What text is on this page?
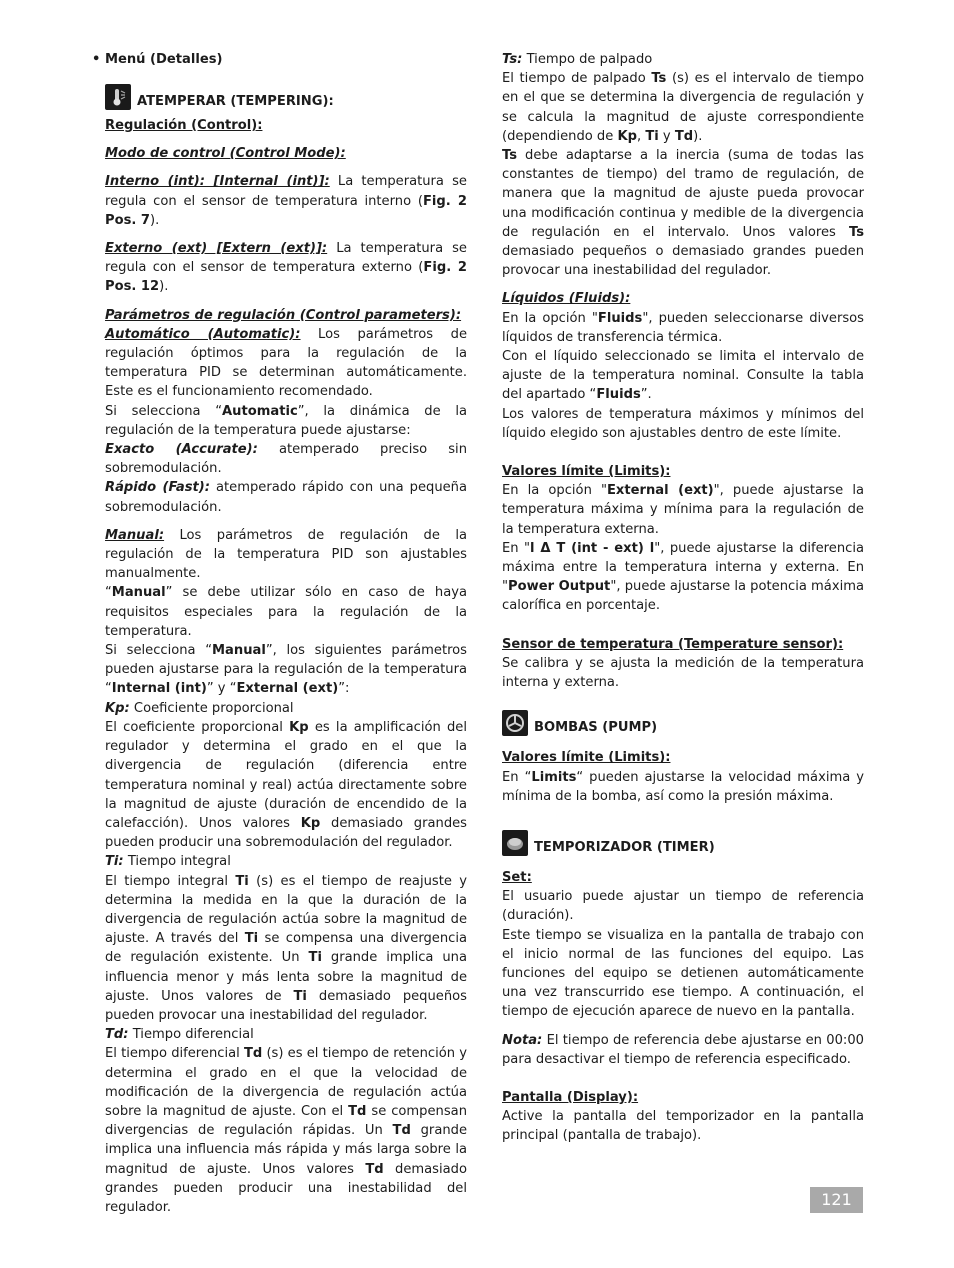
• Menú (Detalles)
ATEMPERAR (TEMPERING):

Regulación (Control):

Modo de control (Control Mode):

Interno (int): [Internal (int)]: La temperatura se regula con el sensor de temperatura interno (Fig. 2 Pos. 7).

Externo (ext) [Extern (ext)]: La temperatura se regula con el sensor de temperatura externo (Fig. 2 Pos. 12).

Parámetros de regulación (Control parameters):

Automático (Automatic): Los parámetros de regulación óptimos para la regulación de la temperatura PID se determinan automáticamente. Este es el funcionamiento recomendado.

Si selecciona “Automatic”, la dinámica de la regulación de la temperatura puede ajustarse:

Exacto (Accurate): atemperado preciso sin sobremodulación.

Rápido (Fast): atemperado rápido con una pequeña sobremodulación.

Manual: Los parámetros de regulación de la regulación de la temperatura PID son ajustables manualmente.

“Manual” se debe utilizar sólo en caso de haya requisitos especiales para la regulación de la temperatura.

Si selecciona “Manual”, los siguientes parámetros pueden ajustarse para la regulación de la temperatura “Internal (int)” y “External (ext)”:

Kp: Coeficiente proporcional

El coeficiente proporcional Kp es la amplificación del regulador y determina el grado en el que la divergencia de regulación (diferencia entre temperatura nominal y real) actúa directamente sobre la magnitud de ajuste (duración de encendido de la calefacción). Unos valores Kp demasiado grandes pueden producir una sobremodulación del regulador.

Ti: Tiempo integral

El tiempo integral Ti (s) es el tiempo de reajuste y determina la medida en la que la duración de la divergencia de regulación actúa sobre la magnitud de ajuste. A través del Ti se compensa una divergencia de regulación existente. Un Ti grande implica una influencia menor y más lenta sobre la magnitud de ajuste. Unos valores de Ti demasiado pequeños pueden provocar una inestabilidad del regulador.

Td: Tiempo diferencial

El tiempo diferencial Td (s) es el tiempo de retención y determina el grado en el que la velocidad de modificación de la divergencia de regulación actúa sobre la magnitud de ajuste. Con el Td se compensan divergencias de regulación rápidas. Un Td grande implica una influencia más rápida y más larga sobre la magnitud de ajuste. Unos valores Td demasiado grandes pueden producir una inestabilidad del regulador.

Ts: Tiempo de palpado

El tiempo de palpado Ts (s) es el intervalo de tiempo en el que se determina la divergencia de regulación y se calcula la magnitud de ajuste correspondiente (dependiendo de Kp, Ti y Td).

Ts debe adaptarse a la inercia (suma de todas las constantes de tiempo) del tramo de regulación, de manera que la magnitud de ajuste pueda provocar una modificación continua y medible de la divergencia de regulación en el intervalo. Unos valores Ts demasiado pequeños o demasiado grandes pueden provocar una inestabilidad del regulador.

Líquidos (Fluids):

En la opción "Fluids", pueden seleccionarse diversos líquidos de transferencia térmica.

Con el líquido seleccionado se limita el intervalo de ajuste de la temperatura nominal. Consulte la tabla del apartado “Fluids”.

Los valores de temperatura máximos y mínimos del líquido elegido son ajustables dentro de este límite.

Valores límite (Limits):

En la opción "External (ext)", puede ajustarse la temperatura máxima y mínima para la regulación de la temperatura externa.

En "l Δ T (int - ext) l", puede ajustarse la diferencia máxima entre la temperatura interna y externa. En "Power Output", puede ajustarse la potencia máxima calorífica en porcentaje.

Sensor de temperatura (Temperature sensor):

Se calibra y se ajusta la medición de la temperatura interna y externa.

BOMBAS (PUMP)

Valores límite (Limits):

En “Limits“ pueden ajustarse la velocidad máxima y mínima de la bomba, así como la presión máxima.

TEMPORIZADOR (TIMER)

Set:

El usuario puede ajustar un tiempo de referencia (duración).

Este tiempo se visualiza en la pantalla de trabajo con el inicio normal de las funciones del equipo. Las funciones del equipo se detienen automáticamente una vez transcurrido ese tiempo. A continuación, el tiempo de ejecución aparece de nuevo en la pantalla.

Nota: El tiempo de referencia debe ajustarse en 00:00 para desactivar el tiempo de referencia especificado.

Pantalla (Display):

Active la pantalla del temporizador en la pantalla principal (pantalla de trabajo).

121
